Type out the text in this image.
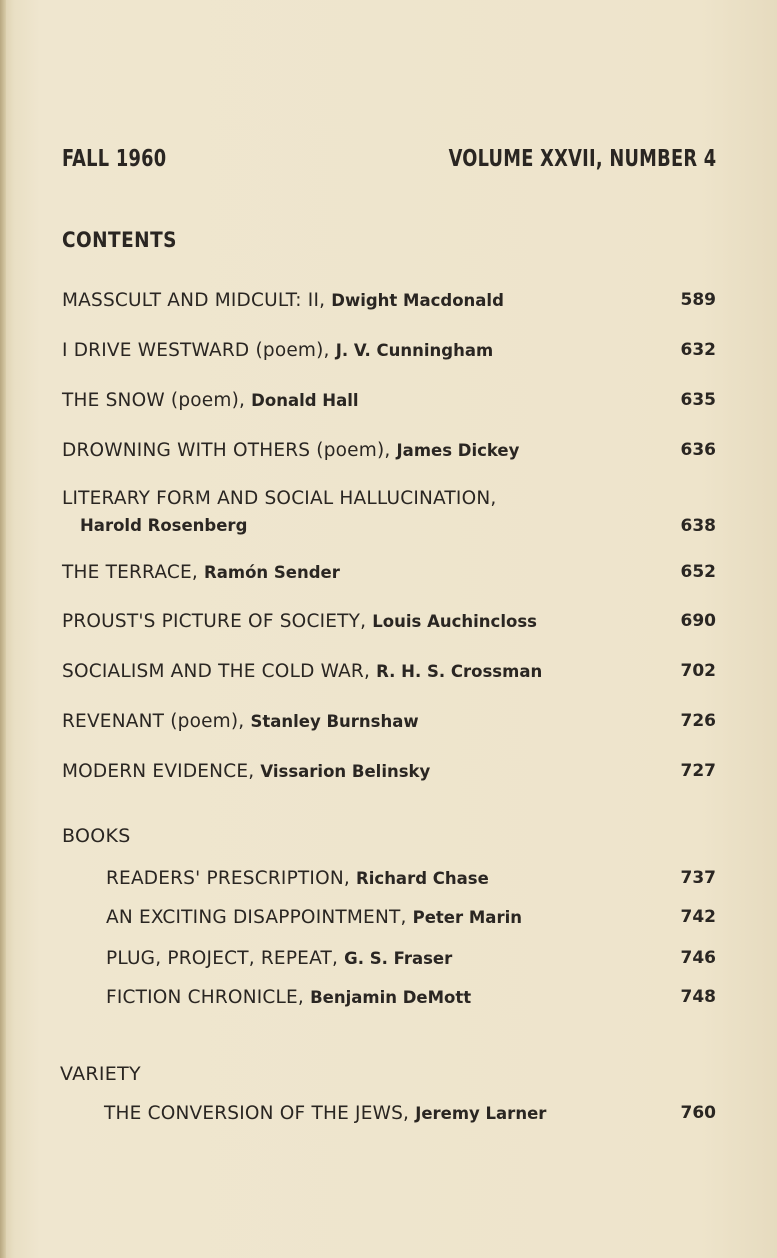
FALL 1960	VOLUME XXVII, NUMBER 4
CONTENTS
MASSCULT AND MIDCULT: II, Dwight Macdonald	589
I DRIVE WESTWARD (poem), J. V. Cunningham	632
THE SNOW (poem), Donald Hall	635
DROWNING WITH OTHERS (poem), James Dickey	636
LITERARY FORM AND SOCIAL HALLUCINATION,
Harold Rosenberg	638
THE TERRACE, Ramón Sender	652
PROUST'S PICTURE OF SOCIETY, Louis Auchincloss	690
SOCIALISM AND THE COLD WAR, R. H. S. Crossman	702
REVENANT (poem), Stanley Burnshaw	726
MODERN EVIDENCE, Vissarion Belinsky	727
BOOKS
READERS' PRESCRIPTION, Richard Chase	737
AN EXCITING DISAPPOINTMENT, Peter Marin	742
PLUG, PROJECT, REPEAT, G. S. Fraser	746
FICTION CHRONICLE, Benjamin DeMott	748
VARIETY
THE CONVERSION OF THE JEWS, Jeremy Larner	760
